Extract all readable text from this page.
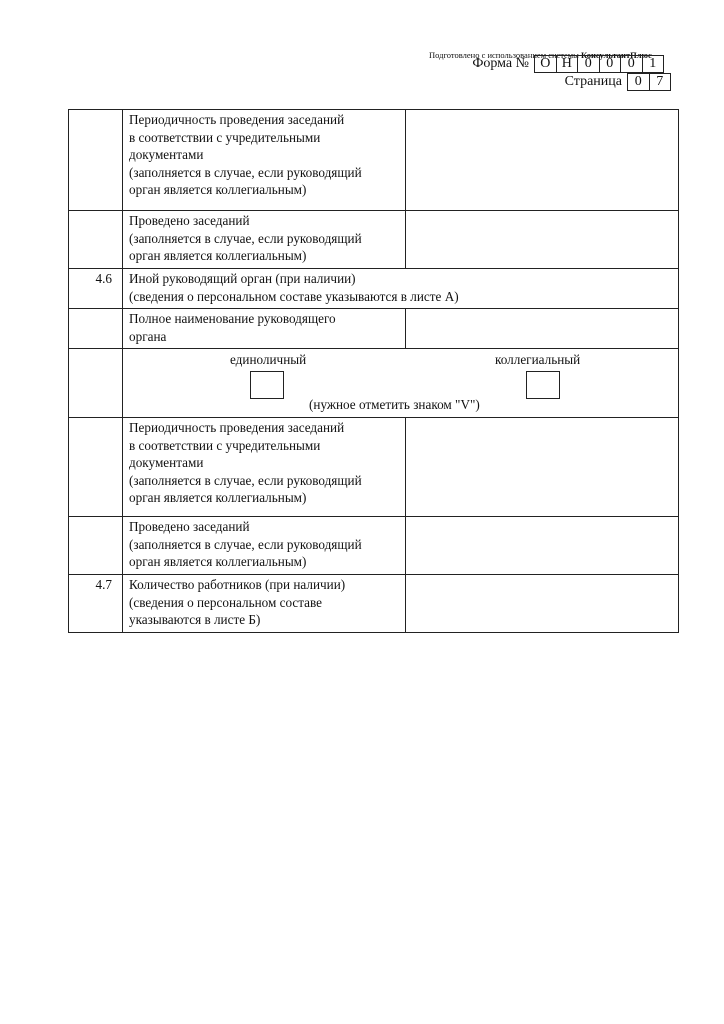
Подготовлено с использованием системы КонсультантПлюс
Форма № О Н 0	0	0	1
Страница 0	7
	Периодичность проведения заседаний
в соответствии с учредительными
документами
(заполняется в случае, если руководящий
орган является коллегиальным)	
	Проведено заседаний
(заполняется в случае, если руководящий
орган является коллегиальным)	
4.6	Иной руководящий орган (при наличии)
(сведения о персональном составе указываются в листе А)	
	Полное наименование руководящего
органа	

	единоличный коллегиальный
(нужное отметить знаком "V")	

	Периодичность проведения заседаний
в соответствии с учредительными
документами
(заполняется в случае, если руководящий
орган является коллегиальным)	
	Проведено заседаний
(заполняется в случае, если руководящий
орган является коллегиальным)	
4.7	Количество работников (при наличии)
(сведения о персональном составе
указываются в листе Б)	
